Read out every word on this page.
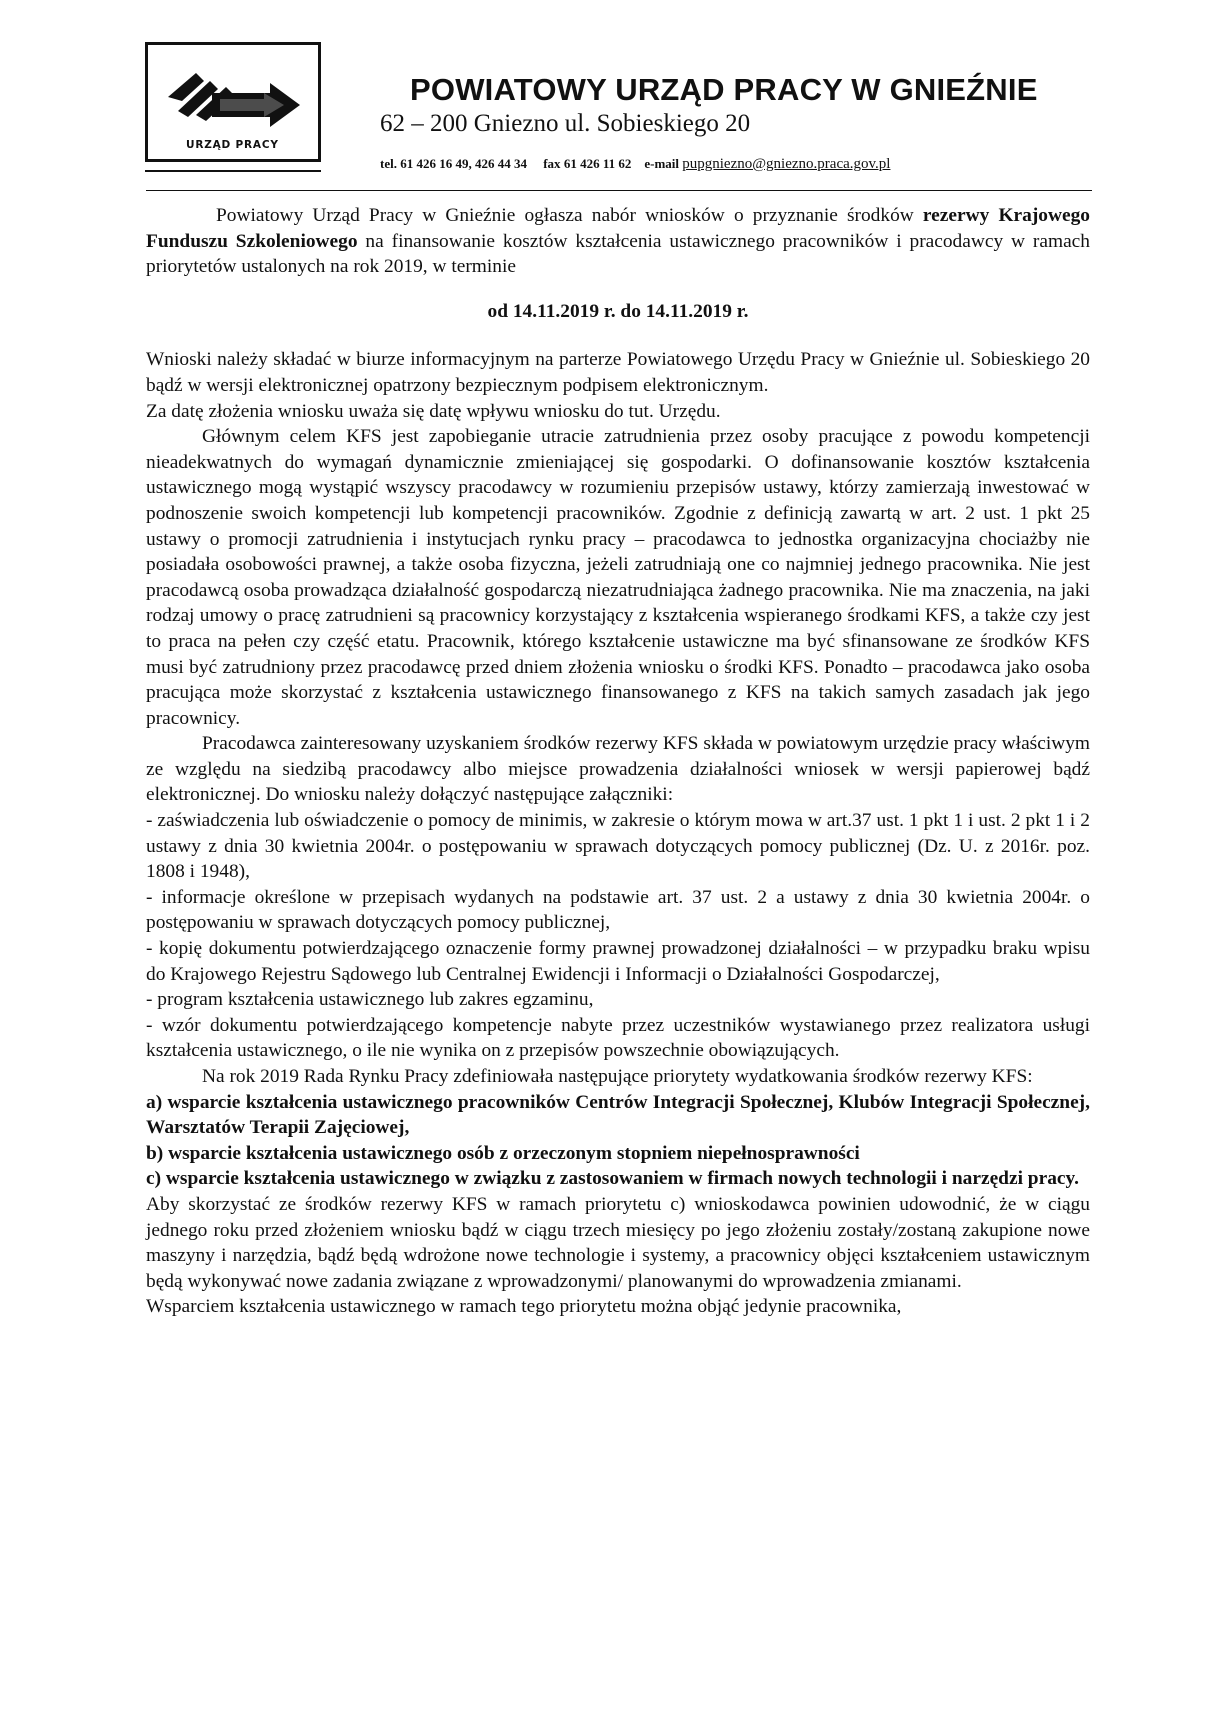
URZĄD PRACY
POWIATOWY URZĄD PRACY W GNIEŹNIE
62 – 200 Gniezno ul. Sobieskiego 20
tel. 61 426 16 49, 426 44 34 fax 61 426 11 62 e-mail pupgniezno@gniezno.praca.gov.pl

Powiatowy Urząd Pracy w Gnieźnie ogłasza nabór wniosków o przyznanie środków rezerwy Krajowego Funduszu Szkoleniowego na finansowanie kosztów kształcenia ustawicznego pracowników i pracodawcy w ramach priorytetów ustalonych na rok 2019, w terminie

od 14.11.2019 r. do 14.11.2019 r.

Wnioski należy składać w biurze informacyjnym na parterze Powiatowego Urzędu Pracy w Gnieźnie ul. Sobieskiego 20 bądź w wersji elektronicznej opatrzony bezpiecznym podpisem elektronicznym.

Za datę złożenia wniosku uważa się datę wpływu wniosku do tut. Urzędu.

Głównym celem KFS jest zapobieganie utracie zatrudnienia przez osoby pracujące z powodu kompetencji nieadekwatnych do wymagań dynamicznie zmieniającej się gospodarki. O dofinansowanie kosztów kształcenia ustawicznego mogą wystąpić wszyscy pracodawcy w rozumieniu przepisów ustawy, którzy zamierzają inwestować w podnoszenie swoich kompetencji lub kompetencji pracowników. Zgodnie z definicją zawartą w art. 2 ust. 1 pkt 25 ustawy o promocji zatrudnienia i instytucjach rynku pracy – pracodawca to jednostka organizacyjna chociażby nie posiadała osobowości prawnej, a także osoba fizyczna, jeżeli zatrudniają one co najmniej jednego pracownika. Nie jest pracodawcą osoba prowadząca działalność gospodarczą niezatrudniająca żadnego pracownika. Nie ma znaczenia, na jaki rodzaj umowy o pracę zatrudnieni są pracownicy korzystający z kształcenia wspieranego środkami KFS, a także czy jest to praca na pełen czy część etatu. Pracownik, którego kształcenie ustawiczne ma być sfinansowane ze środków KFS musi być zatrudniony przez pracodawcę przed dniem złożenia wniosku o środki KFS. Ponadto – pracodawca jako osoba pracująca może skorzystać z kształcenia ustawicznego finansowanego z KFS na takich samych zasadach jak jego pracownicy.

Pracodawca zainteresowany uzyskaniem środków rezerwy KFS składa w powiatowym urzędzie pracy właściwym ze względu na siedzibą pracodawcy albo miejsce prowadzenia działalności wniosek w wersji papierowej bądź elektronicznej. Do wniosku należy dołączyć następujące załączniki:

- zaświadczenia lub oświadczenie o pomocy de minimis, w zakresie o którym mowa w art.37 ust. 1 pkt 1 i ust. 2 pkt 1 i 2 ustawy z dnia 30 kwietnia 2004r. o postępowaniu w sprawach dotyczących pomocy publicznej (Dz. U. z 2016r. poz. 1808 i 1948),

- informacje określone w przepisach wydanych na podstawie art. 37 ust. 2 a ustawy z dnia 30 kwietnia 2004r. o postępowaniu w sprawach dotyczących pomocy publicznej,

- kopię dokumentu potwierdzającego oznaczenie formy prawnej prowadzonej działalności – w przypadku braku wpisu do Krajowego Rejestru Sądowego lub Centralnej Ewidencji i Informacji o Działalności Gospodarczej,

- program kształcenia ustawicznego lub zakres egzaminu,

- wzór dokumentu potwierdzającego kompetencje nabyte przez uczestników wystawianego przez realizatora usługi kształcenia ustawicznego, o ile nie wynika on z przepisów powszechnie obowiązujących.

Na rok 2019 Rada Rynku Pracy zdefiniowała następujące priorytety wydatkowania środków rezerwy KFS:

a) wsparcie kształcenia ustawicznego pracowników Centrów Integracji Społecznej, Klubów Integracji Społecznej, Warsztatów Terapii Zajęciowej,

b) wsparcie kształcenia ustawicznego osób z orzeczonym stopniem niepełnosprawności

c) wsparcie kształcenia ustawicznego w związku z zastosowaniem w firmach nowych technologii i narzędzi pracy.

Aby skorzystać ze środków rezerwy KFS w ramach priorytetu c) wnioskodawca powinien udowodnić, że w ciągu jednego roku przed złożeniem wniosku bądź w ciągu trzech miesięcy po jego złożeniu zostały/zostaną zakupione nowe maszyny i narzędzia, bądź będą wdrożone nowe technologie i systemy, a pracownicy objęci kształceniem ustawicznym będą wykonywać nowe zadania związane z wprowadzonymi/ planowanymi do wprowadzenia zmianami.

Wsparciem kształcenia ustawicznego w ramach tego priorytetu można objąć jedynie pracownika,
